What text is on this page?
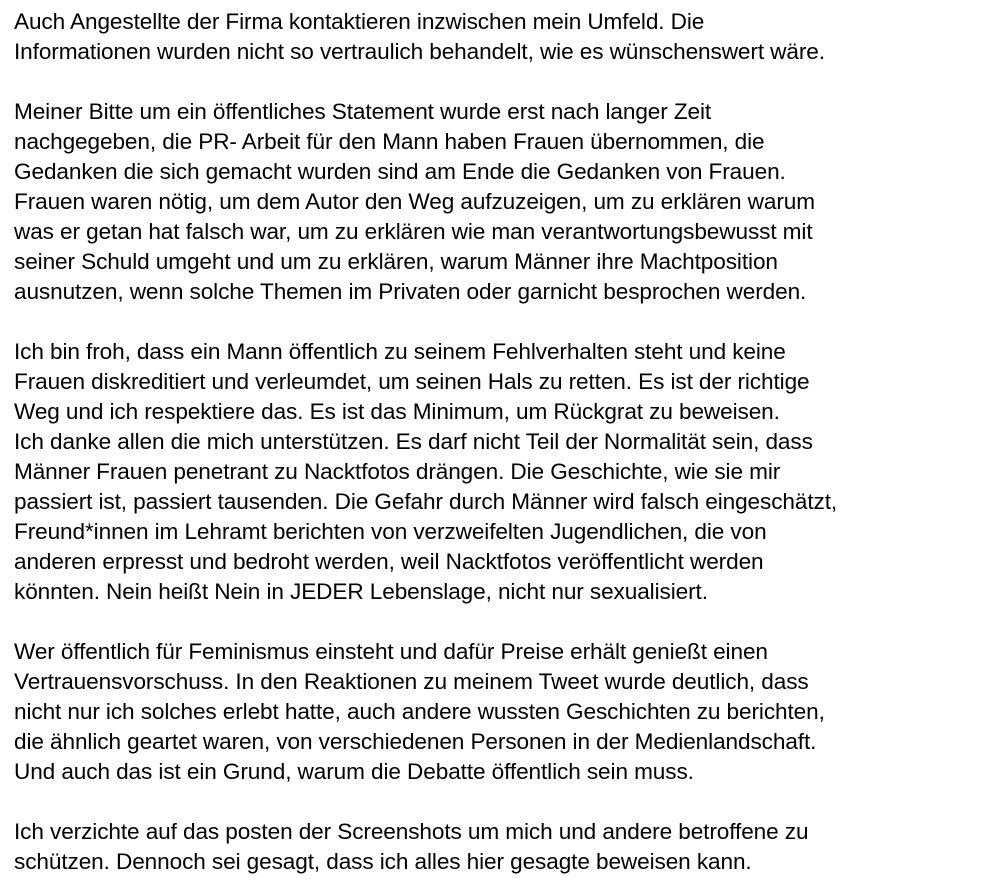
Auch Angestellte der Firma kontaktieren inzwischen mein Umfeld. Die
Informationen wurden nicht so vertraulich behandelt, wie es wünschenswert wäre.
Meiner Bitte um ein öffentliches Statement wurde erst nach langer Zeit
nachgegeben, die PR- Arbeit für den Mann haben Frauen übernommen, die
Gedanken die sich gemacht wurden sind am Ende die Gedanken von Frauen.
Frauen waren nötig, um dem Autor den Weg aufzuzeigen, um zu erklären warum
was er getan hat falsch war, um zu erklären wie man verantwortungsbewusst mit
seiner Schuld umgeht und um zu erklären, warum Männer ihre Machtposition
ausnutzen, wenn solche Themen im Privaten oder garnicht besprochen werden.
Ich bin froh, dass ein Mann öffentlich zu seinem Fehlverhalten steht und keine
Frauen diskreditiert und verleumdet, um seinen Hals zu retten. Es ist der richtige
Weg und ich respektiere das. Es ist das Minimum, um Rückgrat zu beweisen.
Ich danke allen die mich unterstützen. Es darf nicht Teil der Normalität sein, dass
Männer Frauen penetrant zu Nacktfotos drängen. Die Geschichte, wie sie mir
passiert ist, passiert tausenden. Die Gefahr durch Männer wird falsch eingeschätzt,
Freund*innen im Lehramt berichten von verzweifelten Jugendlichen, die von
anderen erpresst und bedroht werden, weil Nacktfotos veröffentlicht werden
könnten. Nein heißt Nein in JEDER Lebenslage, nicht nur sexualisiert.
Wer öffentlich für Feminismus einsteht und dafür Preise erhält genießt einen
Vertrauensvorschuss. In den Reaktionen zu meinem Tweet wurde deutlich, dass
nicht nur ich solches erlebt hatte, auch andere wussten Geschichten zu berichten,
die ähnlich geartet waren, von verschiedenen Personen in der Medienlandschaft.
Und auch das ist ein Grund, warum die Debatte öffentlich sein muss.
Ich verzichte auf das posten der Screenshots um mich und andere betroffene zu
schützen. Dennoch sei gesagt, dass ich alles hier gesagte beweisen kann.
